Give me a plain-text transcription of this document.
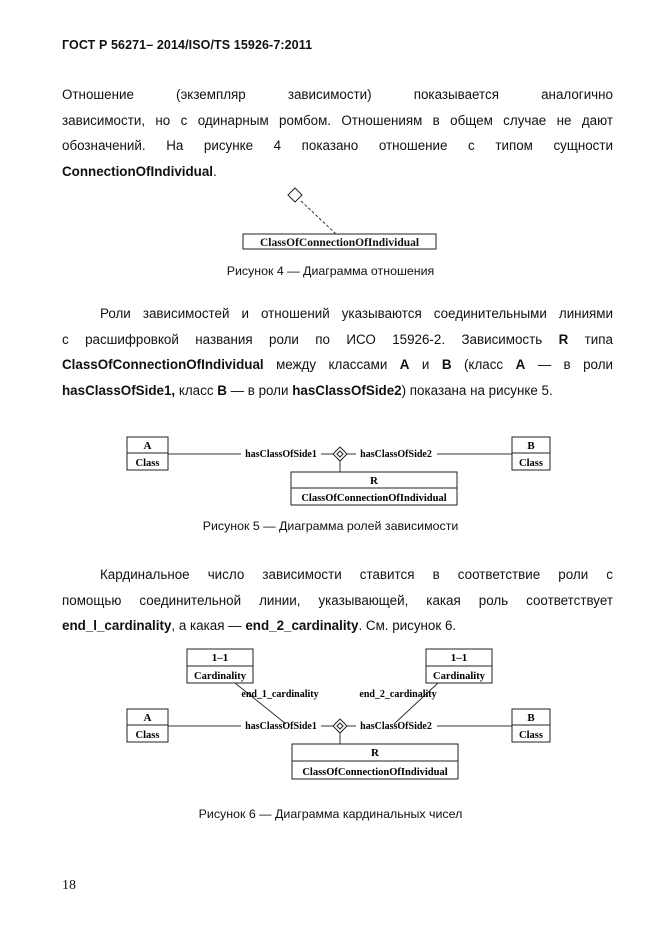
ГОСТ Р 56271– 2014/ISO/TS 15926-7:2011
Отношение	(экземпляр	зависимости)	показывается	аналогично
зависимости, но с одинарным ромбом. Отношениям в общем случае не дают
обозначений. На рисунке 4 показано отношение с типом сущности
ConnectionOfIndividual.
ClassOfConnectionOfIndividual
Рисунок 4 — Диаграмма отношения
Роли зависимостей и отношений указываются соединительными линиями
с расшифровкой названия роли по ИСО 15926-2. Зависимость R типа
ClassOfConnectionOfIndividual между классами A и B (класс A — в роли
hasClassOfSide1, класс B — в роли hasClassOfSide2) показана на рисунке 5.
A
Class
B
Class
hasClassOfSide1	hasClassOfSide2
R
ClassOfConnectionOfIndividual
Рисунок 5 — Диаграмма ролей зависимости
Кардинальное число зависимости ставится в соответствие роли с
помощью соединительной линии, указывающей, какая роль соответствует
end_l_cardinality, а какая — end_2_cardinality. См. рисунок 6.
1–1
Cardinality
1–1
Cardinality
end_1_cardinality	end_2_cardinality
A
Class
B
Class
hasClassOfSide1	hasClassOfSide2
R
ClassOfConnectionOfIndividual
Рисунок 6 — Диаграмма кардинальных чисел
18
